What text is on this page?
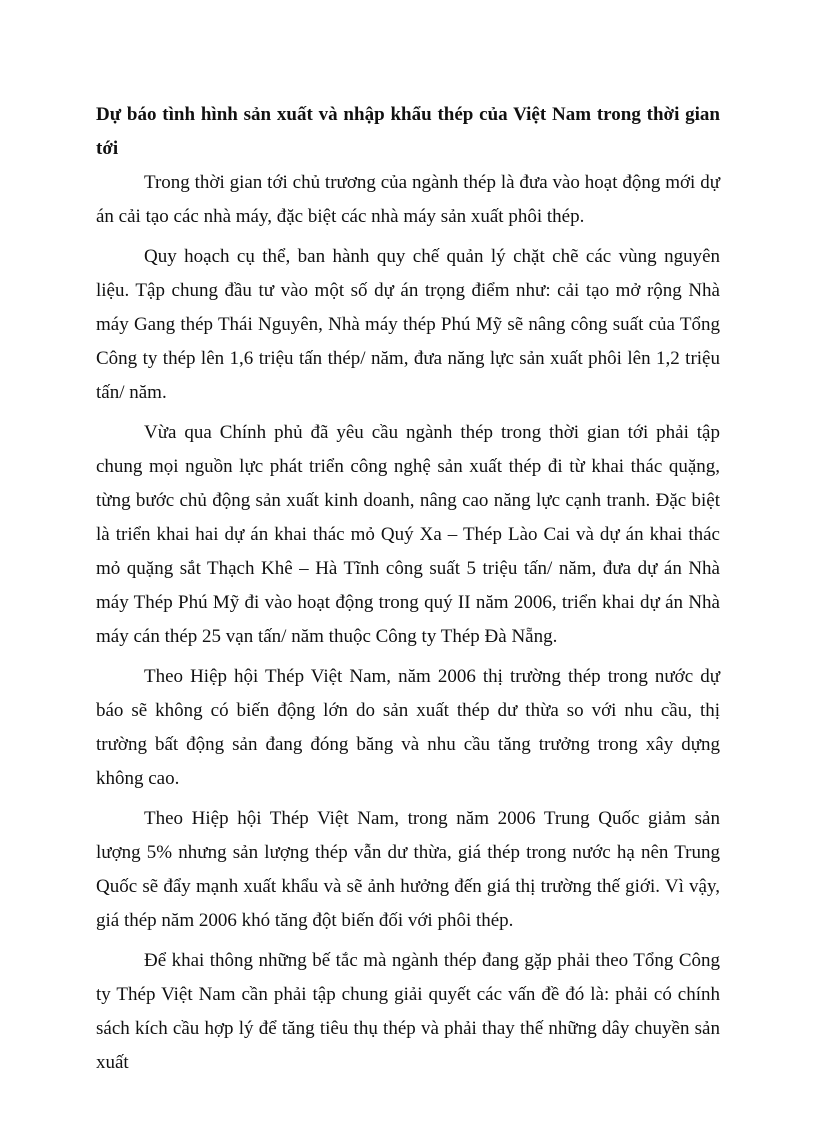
Dự báo tình hình sản xuất và nhập khẩu thép của Việt Nam trong thời gian tới

Trong thời gian tới chủ trương của ngành thép là đưa vào hoạt động mới dự án cải tạo các nhà máy, đặc biệt các nhà máy sản xuất phôi thép.

Quy hoạch cụ thể, ban hành quy chế quản lý chặt chẽ các vùng nguyên liệu. Tập chung đầu tư vào một số dự án trọng điểm như: cải tạo mở rộng Nhà máy Gang thép Thái Nguyên, Nhà máy thép Phú Mỹ sẽ nâng công suất của Tổng Công ty thép lên 1,6 triệu tấn thép/ năm, đưa năng lực sản xuất phôi lên 1,2 triệu tấn/ năm.

Vừa qua Chính phủ đã yêu cầu ngành thép trong thời gian tới phải tập chung mọi nguồn lực phát triển công nghệ sản xuất thép đi từ khai thác quặng, từng bước chủ động sản xuất kinh doanh, nâng cao năng lực cạnh tranh. Đặc biệt là triển khai hai dự án khai thác mỏ Quý Xa – Thép Lào Cai và dự án khai thác mỏ quặng sắt Thạch Khê – Hà Tĩnh công suất 5 triệu tấn/ năm, đưa dự án Nhà máy Thép Phú Mỹ đi vào hoạt động trong quý II năm 2006, triển khai dự án Nhà máy cán thép 25 vạn tấn/ năm thuộc Công ty Thép Đà Nẵng.

Theo Hiệp hội Thép Việt Nam, năm 2006 thị trường thép trong nước dự báo sẽ không có biến động lớn do sản xuất thép dư thừa so với nhu cầu, thị trường bất động sản đang đóng băng và nhu cầu tăng trưởng trong xây dựng không cao.

Theo Hiệp hội Thép Việt Nam, trong năm 2006 Trung Quốc giảm sản lượng 5% nhưng sản lượng thép vẫn dư thừa, giá thép trong nước hạ nên Trung Quốc sẽ đẩy mạnh xuất khẩu và sẽ ảnh hưởng đến giá thị trường thế giới. Vì vậy, giá thép năm 2006 khó tăng đột biến đối với phôi thép.

Để khai thông những bế tắc mà ngành thép đang gặp phải theo Tổng Công ty Thép Việt Nam cần phải tập chung giải quyết các vấn đề đó là: phải có chính sách kích cầu hợp lý để tăng tiêu thụ thép và phải thay thế những dây chuyền sản xuất
